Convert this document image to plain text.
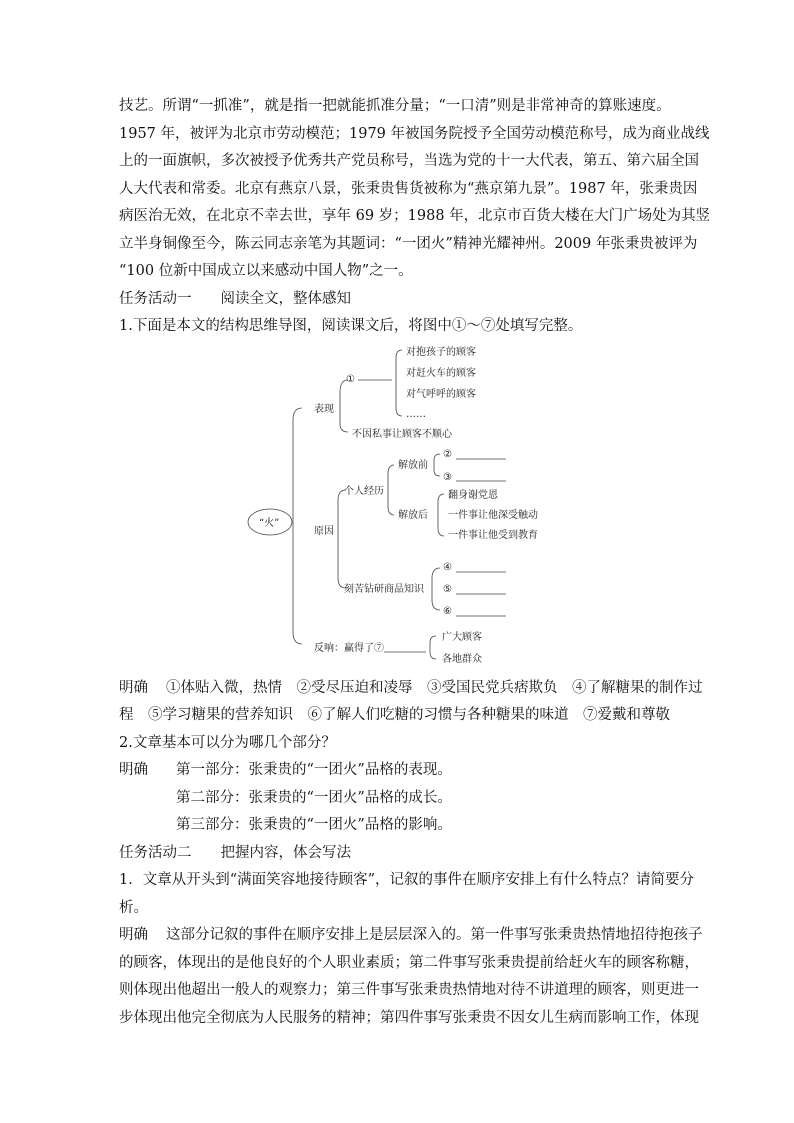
技艺。所谓“一抓准”，就是指一把就能抓准分量；“一口清”则是非常神奇的算账速度。
1957 年，被评为北京市劳动模范；1979 年被国务院授予全国劳动模范称号，成为商业战线
上的一面旗帜，多次被授予优秀共产党员称号，当选为党的十一大代表，第五、第六届全国
人大代表和常委。北京有燕京八景，张秉贵售货被称为“燕京第九景”。1987 年，张秉贵因
病医治无效，在北京不幸去世，享年 69 岁；1988 年，北京市百货大楼在大门广场处为其竖
立半身铜像至今，陈云同志亲笔为其题词：“一团火”精神光耀神州。2009 年张秉贵被评为
“100 位新中国成立以来感动中国人物”之一。
任务活动一　　阅读全文，整体感知
1.下面是本文的结构思维导图，阅读课文后，将图中①～⑦处填写完整。
“火”
表现
①
对抱孩子的顾客
对赶火车的顾客
对气呼呼的顾客
……
不因私事让顾客不顺心
原因
个人经历
解放前
②
③
解放后
翻身谢党恩
一件事让他深受触动
一件事让他受到教育
刻苦钻研商品知识
④
⑤
⑥
反响：赢得了⑦
广大顾客
各地群众
明确 ①体贴入微，热情　②受尽压迫和凌辱　③受国民党兵痞欺负　④了解糖果的制作过
程　⑤学习糖果的营养知识　⑥了解人们吃糖的习惯与各种糖果的味道　⑦爱戴和尊敬
2.文章基本可以分为哪几个部分？
明确 第一部分：张秉贵的“一团火”品格的表现。
第二部分：张秉贵的“一团火”品格的成长。
第三部分：张秉贵的“一团火”品格的影响。
任务活动二　　把握内容，体会写法
1．文章从开头到“满面笑容地接待顾客”，记叙的事件在顺序安排上有什么特点？请简要分
析。
明确 这部分记叙的事件在顺序安排上是层层深入的。第一件事写张秉贵热情地招待抱孩子
的顾客，体现出的是他良好的个人职业素质；第二件事写张秉贵提前给赶火车的顾客称糖，
则体现出他超出一般人的观察力；第三件事写张秉贵热情地对待不讲道理的顾客，则更进一
步体现出他完全彻底为人民服务的精神；第四件事写张秉贵不因女儿生病而影响工作，体现
